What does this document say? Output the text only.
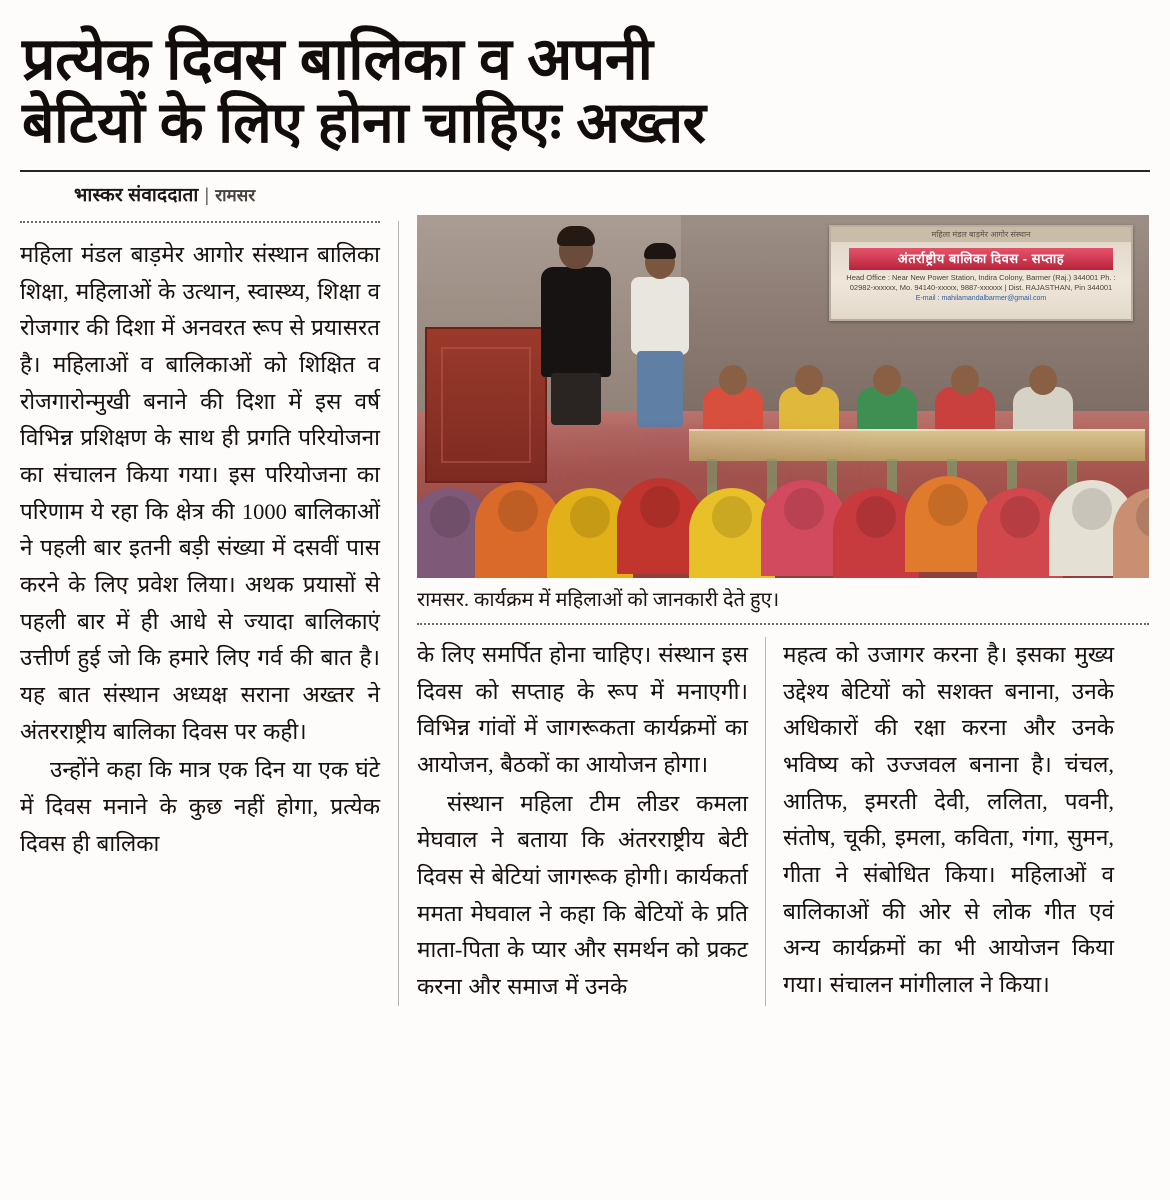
प्रत्येक दिवस बालिका व अपनी
बेटियों के लिए होना चाहिएः अख्तर
भास्कर संवाददाता | रामसर

महिला मंडल बाड़मेर आगोर संस्थान बालिका शिक्षा, महिलाओं के उत्थान, स्वास्थ्य, शिक्षा व रोजगार की दिशा में अनवरत रूप से प्रयासरत है। महिलाओं व बालिकाओं को शिक्षित व रोजगारोन्मुखी बनाने की दिशा में इस वर्ष विभिन्न प्रशिक्षण के साथ ही प्रगति परियोजना का संचालन किया गया। इस परियोजना का परिणाम ये रहा कि क्षेत्र की 1000 बालिकाओं ने पहली बार इतनी बड़ी संख्या में दसवीं पास करने के लिए प्रवेश लिया। अथक प्रयासों से पहली बार में ही आधे से ज्यादा बालिकाएं उत्तीर्ण हुई जो कि हमारे लिए गर्व की बात है। यह बात संस्थान अध्यक्ष सराना अख्तर ने अंतरराष्ट्रीय बालिका दिवस पर कही।

उन्होंने कहा कि मात्र एक दिन या एक घंटे में दिवस मनाने के कुछ नहीं होगा, प्रत्येक दिवस ही बालिका

महिला मंडल बाड़मेर आगोर संस्थान
अंतर्राष्ट्रीय बालिका दिवस - सप्ताह
Head Office : Near New Power Station, Indira Colony, Barmer (Raj.) 344001 Ph. : 02982-xxxxxx, Mo. 94140-xxxxx, 9887-xxxxxx | Dist. RAJASTHAN, Pin 344001
E-mail : mahilamandalbarmer@gmail.com
रामसर. कार्यक्रम में महिलाओं को जानकारी देते हुए।

के लिए समर्पित होना चाहिए। संस्थान इस दिवस को सप्ताह के रूप में मनाएगी। विभिन्न गांवों में जागरूकता कार्यक्रमों का आयोजन, बैठकों का आयोजन होगा।

संस्थान महिला टीम लीडर कमला मेघवाल ने बताया कि अंतरराष्ट्रीय बेटी दिवस से बेटियां जागरूक होगी। कार्यकर्ता ममता मेघवाल ने कहा कि बेटियों के प्रति माता-पिता के प्यार और समर्थन को प्रकट करना और समाज में उनके

महत्व को उजागर करना है। इसका मुख्य उद्देश्य बेटियों को सशक्त बनाना, उनके अधिकारों की रक्षा करना और उनके भविष्य को उज्जवल बनाना है। चंचल, आतिफ, इमरती देवी, ललिता, पवनी, संतोष, चूकी, इमला, कविता, गंगा, सुमन, गीता ने संबोधित किया। महिलाओं व बालिकाओं की ओर से लोक गीत एवं अन्य कार्यक्रमों का भी आयोजन किया गया। संचालन मांगीलाल ने किया।
